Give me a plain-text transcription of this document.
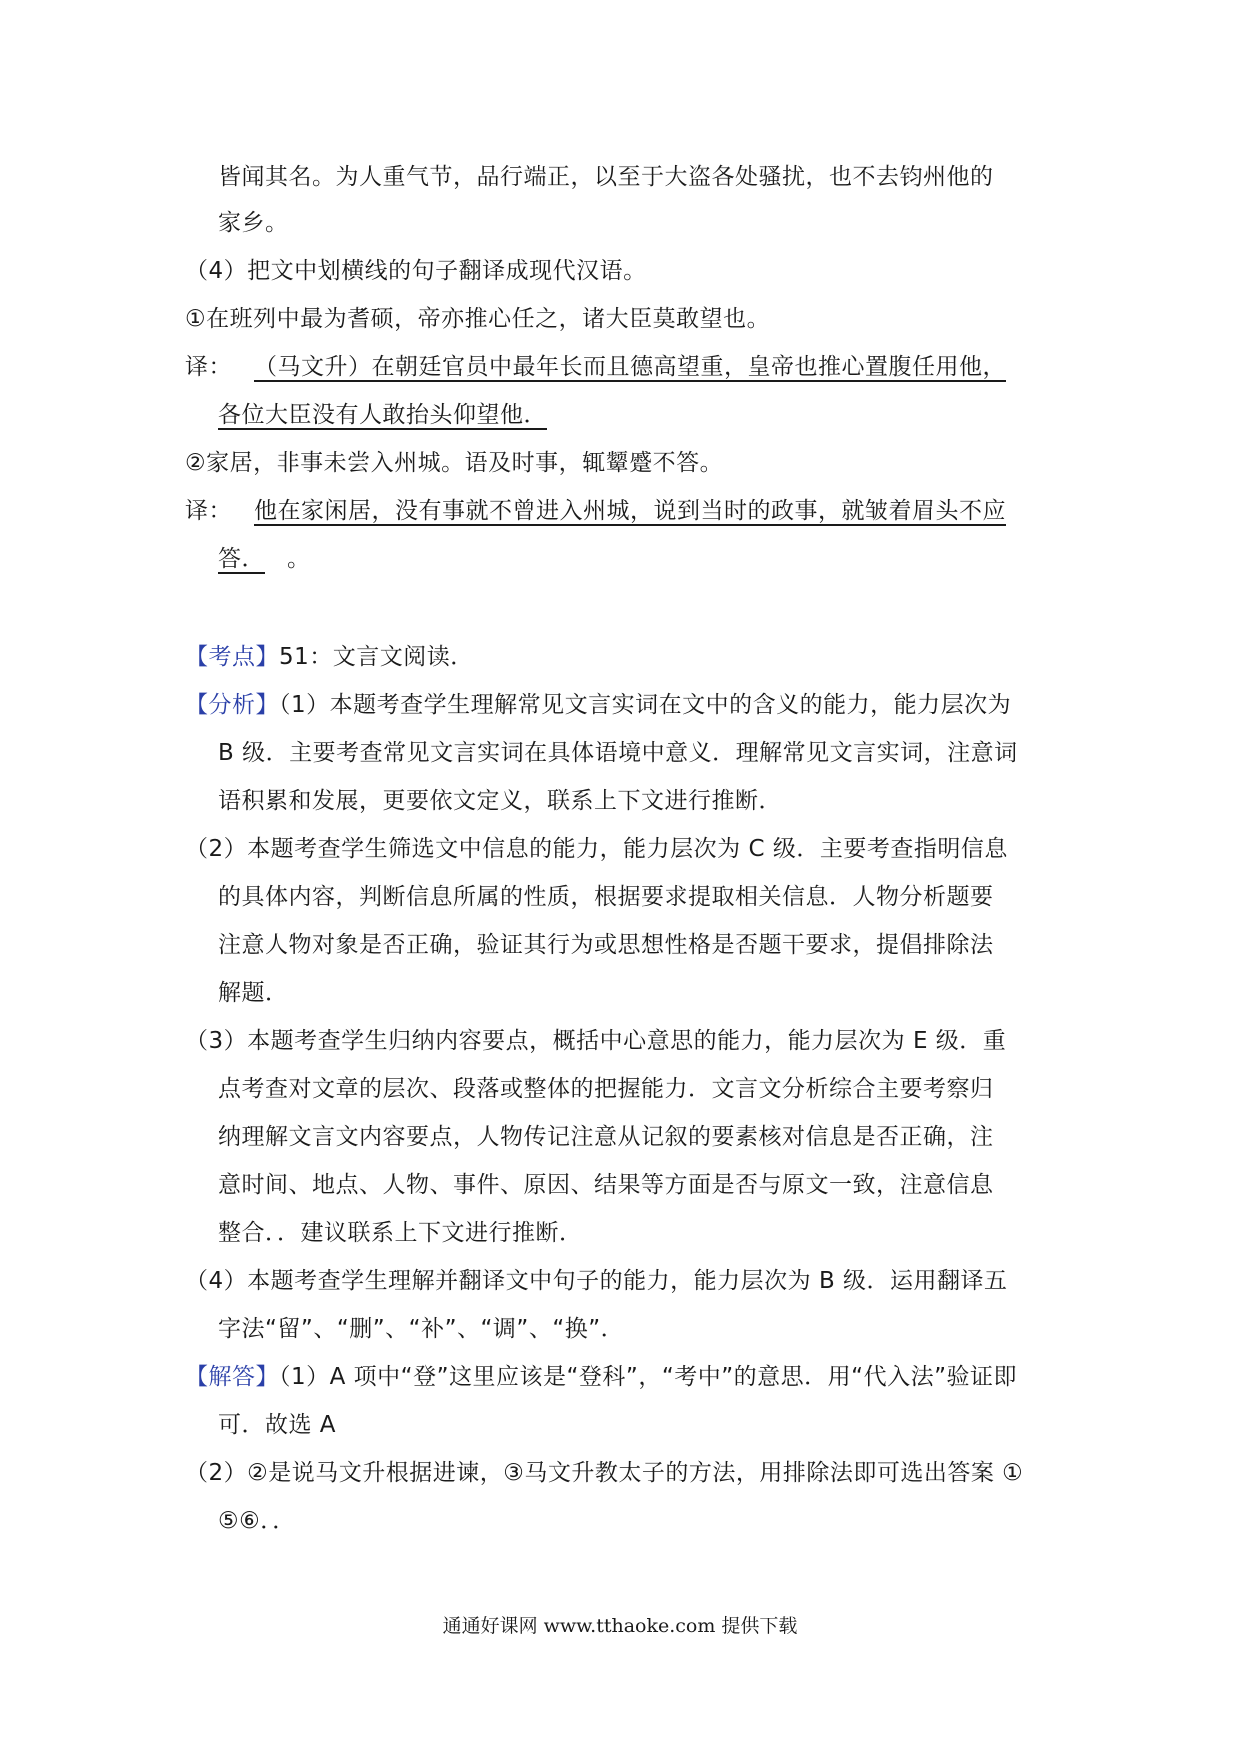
皆闻其名。为人重气节，品行端正，以至于大盗各处骚扰，也不去钧州他的
家乡。
（4）把文中划横线的句子翻译成现代汉语。
①在班列中最为耆硕，帝亦推心任之，诸大臣莫敢望也。
译： （马文升）在朝廷官员中最年长而且德高望重，皇帝也推心置腹任用他，
各位大臣没有人敢抬头仰望他．
②家居，非事未尝入州城。语及时事，辄颦蹙不答。
译： 他在家闲居，没有事就不曾进入州城，说到当时的政事，就皱着眉头不应
答． 。
【考点】51：文言文阅读．
【分析】（1）本题考查学生理解常见文言实词在文中的含义的能力，能力层次为
B 级．主要考查常见文言实词在具体语境中意义．理解常见文言实词，注意词
语积累和发展，更要依文定义，联系上下文进行推断．
（2）本题考查学生筛选文中信息的能力，能力层次为 C 级．主要考查指明信息
的具体内容，判断信息所属的性质，根据要求提取相关信息．人物分析题要
注意人物对象是否正确，验证其行为或思想性格是否题干要求，提倡排除法
解题．
（3）本题考查学生归纳内容要点，概括中心意思的能力，能力层次为 E 级．重
点考查对文章的层次、段落或整体的把握能力．文言文分析综合主要考察归
纳理解文言文内容要点，人物传记注意从记叙的要素核对信息是否正确，注
意时间、地点、人物、事件、原因、结果等方面是否与原文一致，注意信息
整合．．建议联系上下文进行推断．
（4）本题考查学生理解并翻译文中句子的能力，能力层次为 B 级．运用翻译五
字法“留”、“删”、“补”、“调”、“换”．
【解答】（1）A 项中“登”这里应该是“登科”，“考中”的意思．用“代入法”验证即
可．故选 A
（2）②是说马文升根据进谏，③马文升教太子的方法，用排除法即可选出答案 ①
⑤⑥．．
通通好课网 www.tthaoke.com 提供下载
